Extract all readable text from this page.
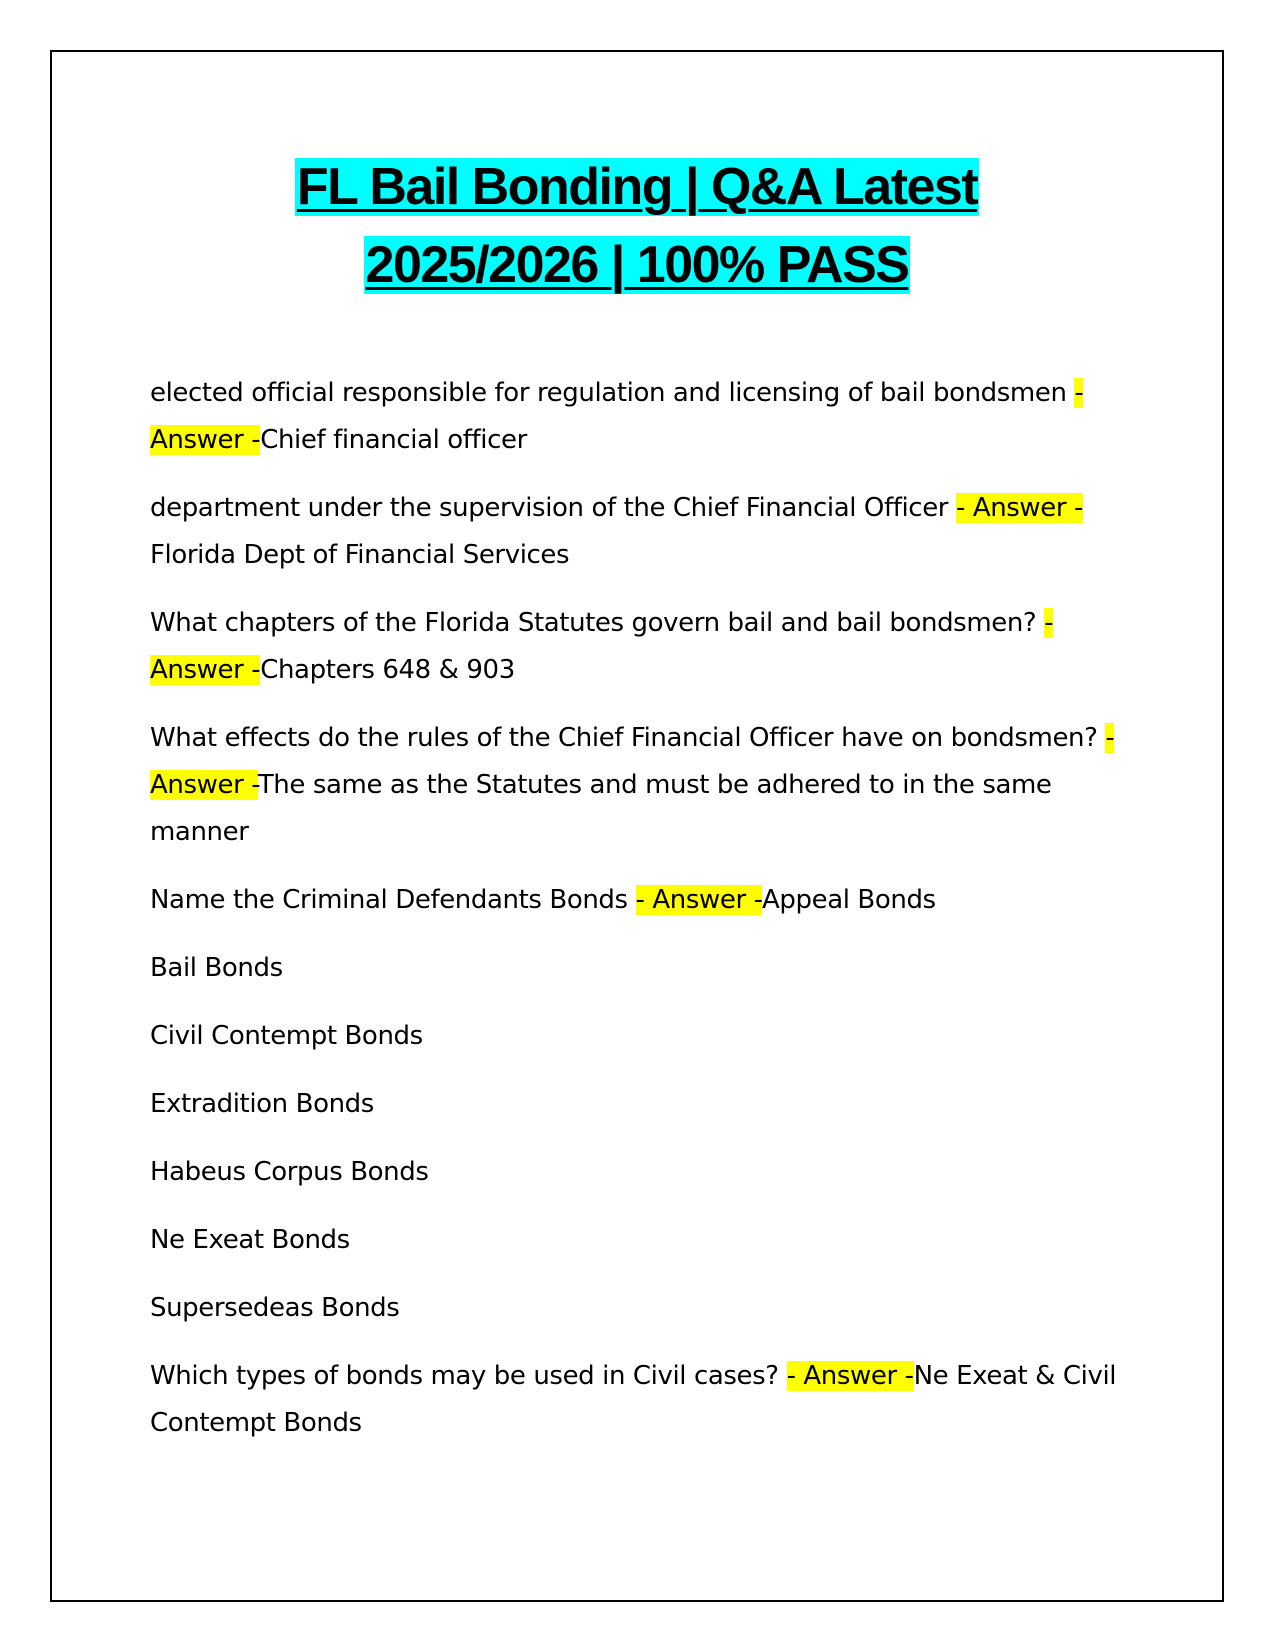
FL Bail Bonding | Q&A Latest
2025/2026 | 100% PASS

elected official responsible for regulation and licensing of bail bondsmen - Answer -Chief financial officer

department under the supervision of the Chief Financial Officer - Answer -Florida Dept of Financial Services

What chapters of the Florida Statutes govern bail and bail bondsmen? - Answer -Chapters 648 & 903

What effects do the rules of the Chief Financial Officer have on bondsmen? - Answer -The same as the Statutes and must be adhered to in the same manner

Name the Criminal Defendants Bonds - Answer -Appeal Bonds

Bail Bonds

Civil Contempt Bonds

Extradition Bonds

Habeus Corpus Bonds

Ne Exeat Bonds

Supersedeas Bonds

Which types of bonds may be used in Civil cases? - Answer -Ne Exeat & Civil Contempt Bonds
